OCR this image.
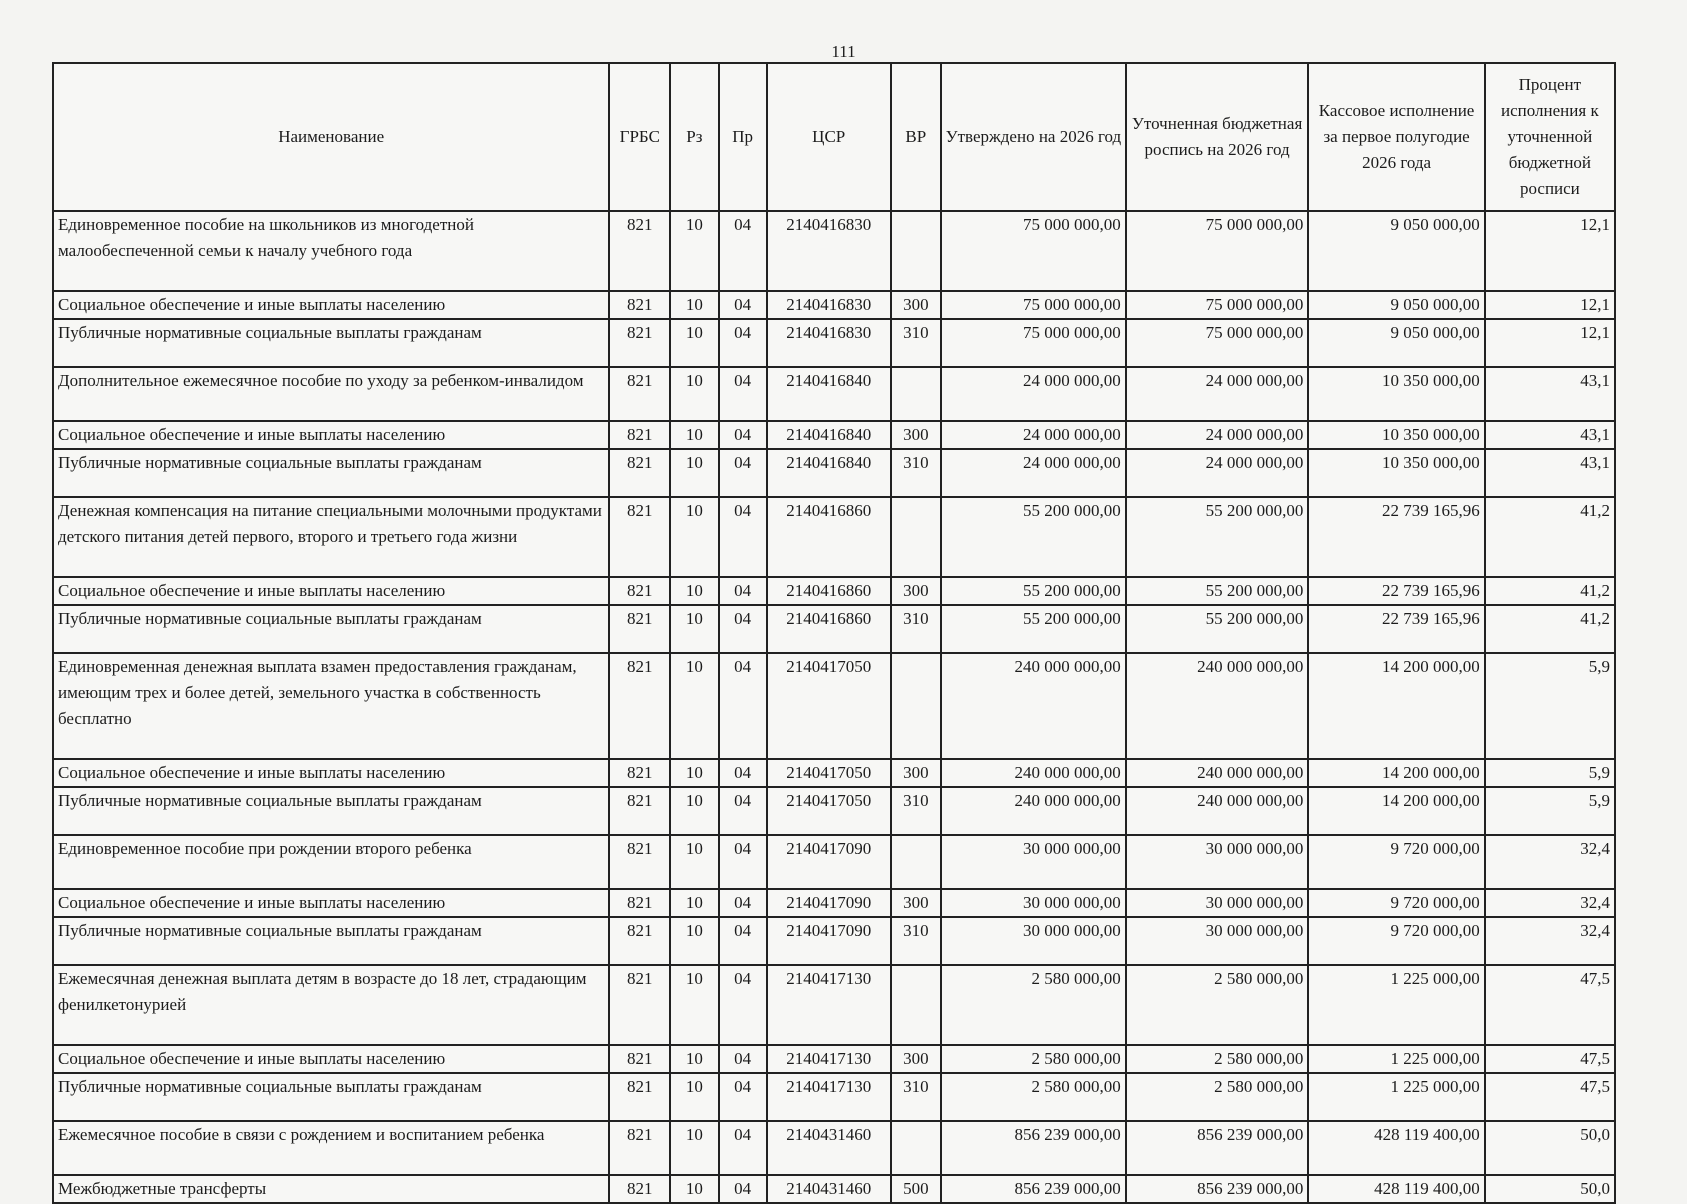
111
Наименование	ГРБС	Рз	Пр	ЦСР	ВР	Утверждено на 2026 год	Уточненная бюджетная роспись на 2026 год	Кассовое исполнение за первое полугодие 2026 года	Процент исполнения к уточненной бюджетной росписи
Единовременное пособие на школьников из многодетной малообеспеченной семьи к началу учебного года	821	10	04	2140416830		75 000 000,00	75 000 000,00	9 050 000,00	12,1
Социальное обеспечение и иные выплаты населению	821	10	04	2140416830	300	75 000 000,00	75 000 000,00	9 050 000,00	12,1
Публичные нормативные социальные выплаты гражданам	821	10	04	2140416830	310	75 000 000,00	75 000 000,00	9 050 000,00	12,1
Дополнительное ежемесячное пособие по уходу за ребенком-инвалидом	821	10	04	2140416840		24 000 000,00	24 000 000,00	10 350 000,00	43,1
Социальное обеспечение и иные выплаты населению	821	10	04	2140416840	300	24 000 000,00	24 000 000,00	10 350 000,00	43,1
Публичные нормативные социальные выплаты гражданам	821	10	04	2140416840	310	24 000 000,00	24 000 000,00	10 350 000,00	43,1
Денежная компенсация на питание специальными молочными продуктами детского питания детей первого, второго и третьего года жизни	821	10	04	2140416860		55 200 000,00	55 200 000,00	22 739 165,96	41,2
Социальное обеспечение и иные выплаты населению	821	10	04	2140416860	300	55 200 000,00	55 200 000,00	22 739 165,96	41,2
Публичные нормативные социальные выплаты гражданам	821	10	04	2140416860	310	55 200 000,00	55 200 000,00	22 739 165,96	41,2
Единовременная денежная выплата взамен предоставления гражданам, имеющим трех и более детей, земельного участка в собственность бесплатно	821	10	04	2140417050		240 000 000,00	240 000 000,00	14 200 000,00	5,9
Социальное обеспечение и иные выплаты населению	821	10	04	2140417050	300	240 000 000,00	240 000 000,00	14 200 000,00	5,9
Публичные нормативные социальные выплаты гражданам	821	10	04	2140417050	310	240 000 000,00	240 000 000,00	14 200 000,00	5,9
Единовременное пособие при рождении второго ребенка	821	10	04	2140417090		30 000 000,00	30 000 000,00	9 720 000,00	32,4
Социальное обеспечение и иные выплаты населению	821	10	04	2140417090	300	30 000 000,00	30 000 000,00	9 720 000,00	32,4
Публичные нормативные социальные выплаты гражданам	821	10	04	2140417090	310	30 000 000,00	30 000 000,00	9 720 000,00	32,4
Ежемесячная денежная выплата детям в возрасте до 18 лет, страдающим фенилкетонурией	821	10	04	2140417130		2 580 000,00	2 580 000,00	1 225 000,00	47,5
Социальное обеспечение и иные выплаты населению	821	10	04	2140417130	300	2 580 000,00	2 580 000,00	1 225 000,00	47,5
Публичные нормативные социальные выплаты гражданам	821	10	04	2140417130	310	2 580 000,00	2 580 000,00	1 225 000,00	47,5
Ежемесячное пособие в связи с рождением и воспитанием ребенка	821	10	04	2140431460		856 239 000,00	856 239 000,00	428 119 400,00	50,0
Межбюджетные трансферты	821	10	04	2140431460	500	856 239 000,00	856 239 000,00	428 119 400,00	50,0
